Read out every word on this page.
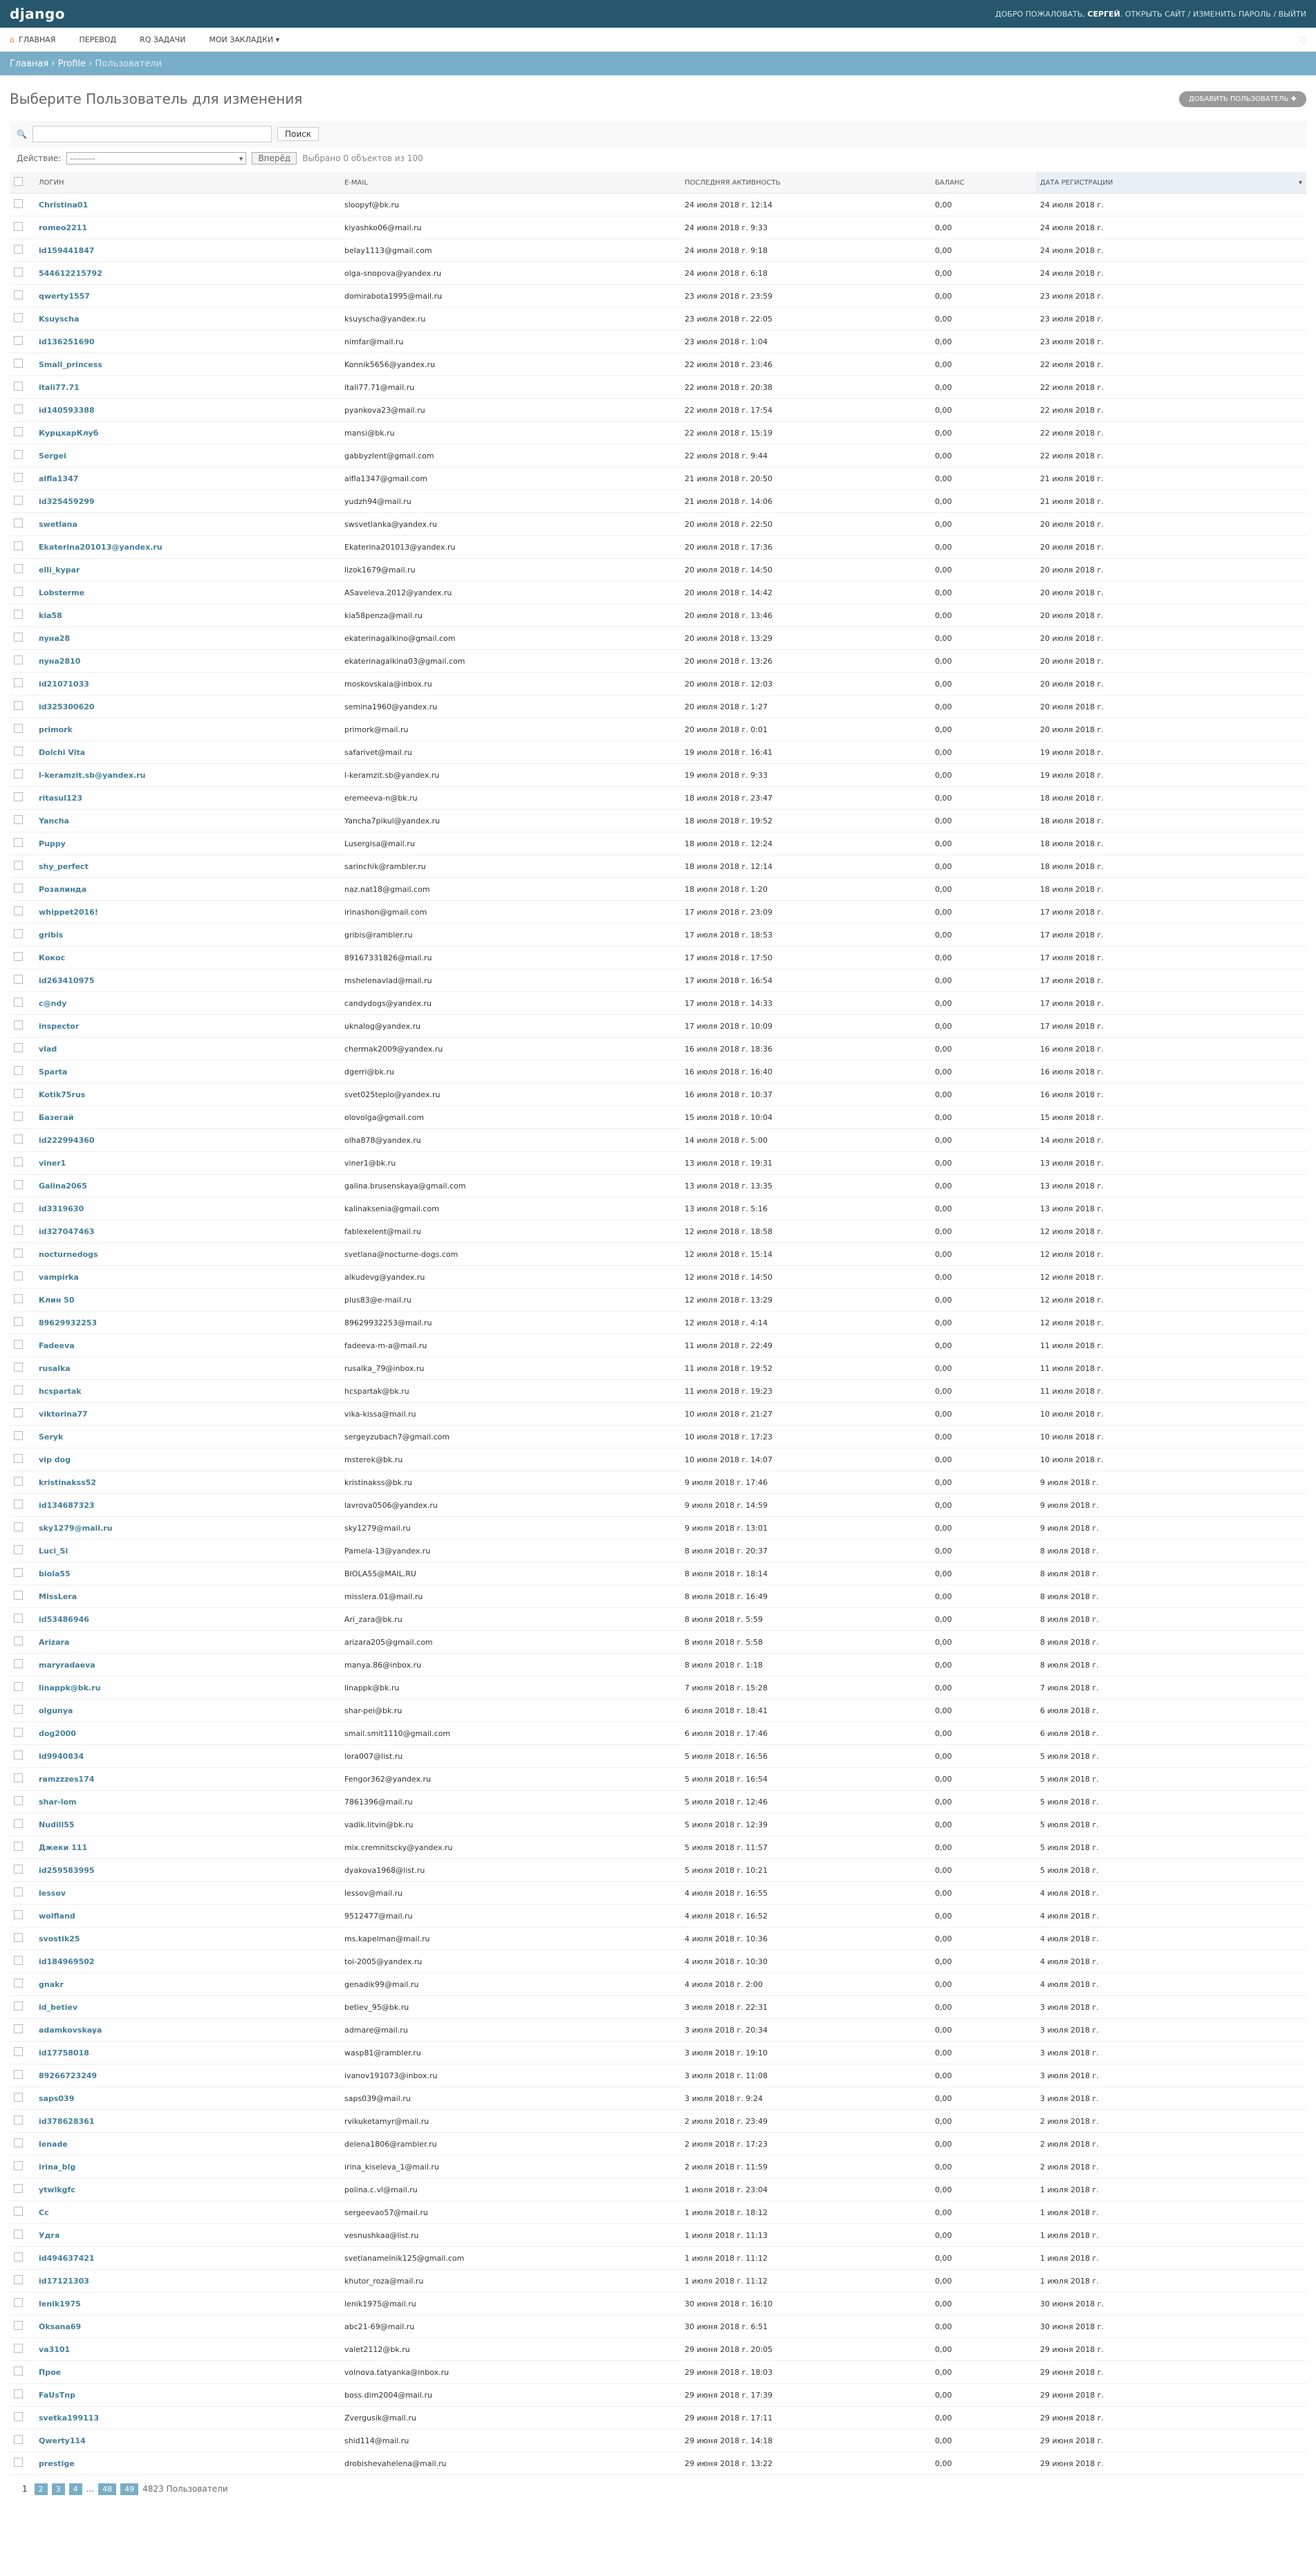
django	ДОБРО ПОЖАЛОВАТЬ, СЕРГЕЙ. ОТКРЫТЬ САЙТ / ИЗМЕНИТЬ ПАРОЛЬ / ВЫЙТИ
⌂ ГЛАВНАЯ	ПЕРЕВОД	RQ ЗАДАЧИ	МОИ ЗАКЛАДКИ ▾	◌
Главная › Profile › Пользователи
Выберите Пользователь для изменения	ДОБАВИТЬ ПОЛЬЗОВАТЕЛЬ ✚
🔍	Поиск
Действие: ---------	▾	Вперёд	Выбрано 0 объектов из 100
	ЛОГИН	E-MAIL	ПОСЛЕДНЯЯ АКТИВНОСТЬ	БАЛАНС	ДАТА РЕГИСТРАЦИИ ▾

	Christina01	sloopyf@bk.ru	24 июля 2018 г. 12:14	0,00	24 июля 2018 г.
	romeo2211	kiyashko06@mail.ru	24 июля 2018 г. 9:33	0,00	24 июля 2018 г.
	id159441847	belay1113@gmail.com	24 июля 2018 г. 9:18	0,00	24 июля 2018 г.
	544612215792	olga-snopova@yandex.ru	24 июля 2018 г. 6:18	0,00	24 июля 2018 г.
	qwerty1557	domirabota1995@mail.ru	23 июля 2018 г. 23:59	0,00	23 июля 2018 г.
	Ksuyscha	ksuyscha@yandex.ru	23 июля 2018 г. 22:05	0,00	23 июля 2018 г.
	id136251690	nimfar@mail.ru	23 июля 2018 г. 1:04	0,00	23 июля 2018 г.
	Small_princess	Konnik5656@yandex.ru	22 июля 2018 г. 23:46	0,00	22 июля 2018 г.
	itali77.71	itali77.71@mail.ru	22 июля 2018 г. 20:38	0,00	22 июля 2018 г.
	id140593388	pyankova23@mail.ru	22 июля 2018 г. 17:54	0,00	22 июля 2018 г.
	КурцхарКлуб	mansi@bk.ru	22 июля 2018 г. 15:19	0,00	22 июля 2018 г.
	Sergei	gabbyzlent@gmail.com	22 июля 2018 г. 9:44	0,00	22 июля 2018 г.
	alfla1347	alfla1347@gmail.com	21 июля 2018 г. 20:50	0,00	21 июля 2018 г.
	id325459299	yudzh94@mail.ru	21 июля 2018 г. 14:06	0,00	21 июля 2018 г.
	swetlana	swsvetlanka@yandex.ru	20 июля 2018 г. 22:50	0,00	20 июля 2018 г.
	Ekaterina201013@yandex.ru	Ekaterina201013@yandex.ru	20 июля 2018 г. 17:36	0,00	20 июля 2018 г.
	elli_kypar	lizok1679@mail.ru	20 июля 2018 г. 14:50	0,00	20 июля 2018 г.
	Lobsterme	ASaveleva.2012@yandex.ru	20 июля 2018 г. 14:42	0,00	20 июля 2018 г.
	kia58	kia58penza@mail.ru	20 июля 2018 г. 13:46	0,00	20 июля 2018 г.
	пуна28	ekaterinagalkino@gmail.com	20 июля 2018 г. 13:29	0,00	20 июля 2018 г.
	пуна2810	ekaterinagalkina03@gmail.com	20 июля 2018 г. 13:26	0,00	20 июля 2018 г.
	id21071033	moskovskaia@inbox.ru	20 июля 2018 г. 12:03	0,00	20 июля 2018 г.
	id325300620	semina1960@yandex.ru	20 июля 2018 г. 1:27	0,00	20 июля 2018 г.
	primork	primork@mail.ru	20 июля 2018 г. 0:01	0,00	20 июля 2018 г.
	Dolchi Vita	safarivet@mail.ru	19 июля 2018 г. 16:41	0,00	19 июля 2018 г.
	l-keramzit.sb@yandex.ru	l-keramzit.sb@yandex.ru	19 июля 2018 г. 9:33	0,00	19 июля 2018 г.
	ritasul123	eremeeva-n@bk.ru	18 июля 2018 г. 23:47	0,00	18 июля 2018 г.
	Yancha	Yancha7pikul@yandex.ru	18 июля 2018 г. 19:52	0,00	18 июля 2018 г.
	Puppy	Lusergisa@mail.ru	18 июля 2018 г. 12:24	0,00	18 июля 2018 г.
	shy_perfect	sarinchik@rambler.ru	18 июля 2018 г. 12:14	0,00	18 июля 2018 г.
	Розалинда	naz.nat18@gmail.com	18 июля 2018 г. 1:20	0,00	18 июля 2018 г.
	whippet2016!	irinashon@gmail.com	17 июля 2018 г. 23:09	0,00	17 июля 2018 г.
	gribis	gribis@rambler.ru	17 июля 2018 г. 18:53	0,00	17 июля 2018 г.
	Кокос	89167331826@mail.ru	17 июля 2018 г. 17:50	0,00	17 июля 2018 г.
	id263410975	mshelenavlad@mail.ru	17 июля 2018 г. 16:54	0,00	17 июля 2018 г.
	c@ndy	candydogs@yandex.ru	17 июля 2018 г. 14:33	0,00	17 июля 2018 г.
	inspector	uknalog@yandex.ru	17 июля 2018 г. 10:09	0,00	17 июля 2018 г.
	vlad	chermak2009@yandex.ru	16 июля 2018 г. 18:36	0,00	16 июля 2018 г.
	Sparta	dgerri@bk.ru	16 июля 2018 г. 16:40	0,00	16 июля 2018 г.
	Kotik75rus	svet025teplo@yandex.ru	16 июля 2018 г. 10:37	0,00	16 июля 2018 г.
	Базегай	olovolga@gmail.com	15 июля 2018 г. 10:04	0,00	15 июля 2018 г.
	id222994360	olha878@yandex.ru	14 июля 2018 г. 5:00	0,00	14 июля 2018 г.
	viner1	viner1@bk.ru	13 июля 2018 г. 19:31	0,00	13 июля 2018 г.
	Galina2065	galina.brusenskaya@gmail.com	13 июля 2018 г. 13:35	0,00	13 июля 2018 г.
	id3319630	kalinaksenia@gmail.com	13 июля 2018 г. 5:16	0,00	13 июля 2018 г.
	id327047463	fablexelent@mail.ru	12 июля 2018 г. 18:58	0,00	12 июля 2018 г.
	nocturnedogs	svetlana@nocturne-dogs.com	12 июля 2018 г. 15:14	0,00	12 июля 2018 г.
	vampirka	alkudevg@yandex.ru	12 июля 2018 г. 14:50	0,00	12 июля 2018 г.
	Клин 50	plus83@e-mail.ru	12 июля 2018 г. 13:29	0,00	12 июля 2018 г.
	89629932253	89629932253@mail.ru	12 июля 2018 г. 4:14	0,00	12 июля 2018 г.
	Fadeeva	fadeeva-m-a@mail.ru	11 июля 2018 г. 22:49	0,00	11 июля 2018 г.
	rusalka	rusalka_79@inbox.ru	11 июля 2018 г. 19:52	0,00	11 июля 2018 г.
	hcspartak	hcspartak@bk.ru	11 июля 2018 г. 19:23	0,00	11 июля 2018 г.
	viktorina77	vika-kissa@mail.ru	10 июля 2018 г. 21:27	0,00	10 июля 2018 г.
	Seryk	sergeyzubach7@gmail.com	10 июля 2018 г. 17:23	0,00	10 июля 2018 г.
	vip dog	msterek@bk.ru	10 июля 2018 г. 14:07	0,00	10 июля 2018 г.
	kristinakss52	kristinakss@bk.ru	9 июля 2018 г. 17:46	0,00	9 июля 2018 г.
	id134687323	lavrova0506@yandex.ru	9 июля 2018 г. 14:59	0,00	9 июля 2018 г.
	sky1279@mail.ru	sky1279@mail.ru	9 июля 2018 г. 13:01	0,00	9 июля 2018 г.
	Luci_Si	Pamela-13@yandex.ru	8 июля 2018 г. 20:37	0,00	8 июля 2018 г.
	biola55	BIOLA55@MAIL.RU	8 июля 2018 г. 18:14	0,00	8 июля 2018 г.
	MissLera	misslera.01@mail.ru	8 июля 2018 г. 16:49	0,00	8 июля 2018 г.
	id53486946	Ari_zara@bk.ru	8 июля 2018 г. 5:59	0,00	8 июля 2018 г.
	Arizara	arizara205@gmail.com	8 июля 2018 г. 5:58	0,00	8 июля 2018 г.
	maryradaeva	manya.86@inbox.ru	8 июля 2018 г. 1:18	0,00	8 июля 2018 г.
	linappk@bk.ru	linappk@bk.ru	7 июля 2018 г. 15:28	0,00	7 июля 2018 г.
	olgunya	shar-pei@bk.ru	6 июля 2018 г. 18:41	0,00	6 июля 2018 г.
	dog2000	smail.smit1110@gmail.com	6 июля 2018 г. 17:46	0,00	6 июля 2018 г.
	id9940834	lora007@list.ru	5 июля 2018 г. 16:56	0,00	5 июля 2018 г.
	ramzzzes174	Fengor362@yandex.ru	5 июля 2018 г. 16:54	0,00	5 июля 2018 г.
	shar-lom	7861396@mail.ru	5 июля 2018 г. 12:46	0,00	5 июля 2018 г.
	Nudill55	vadik.litvin@bk.ru	5 июля 2018 г. 12:39	0,00	5 июля 2018 г.
	Джеки 111	mix.cremnitscky@yandex.ru	5 июля 2018 г. 11:57	0,00	5 июля 2018 г.
	id259583995	dyakova1968@list.ru	5 июля 2018 г. 10:21	0,00	5 июля 2018 г.
	lessov	lessov@mail.ru	4 июля 2018 г. 16:55	0,00	4 июля 2018 г.
	wolfland	9512477@mail.ru	4 июля 2018 г. 16:52	0,00	4 июля 2018 г.
	svostik25	ms.kapelman@mail.ru	4 июля 2018 г. 10:36	0,00	4 июля 2018 г.
	id184969502	toi-2005@yandex.ru	4 июля 2018 г. 10:30	0,00	4 июля 2018 г.
	gnakr	genadik99@mail.ru	4 июля 2018 г. 2:00	0,00	4 июля 2018 г.
	id_betiev	betiev_95@bk.ru	3 июля 2018 г. 22:31	0,00	3 июля 2018 г.
	adamkovskaya	admare@mail.ru	3 июля 2018 г. 20:34	0,00	3 июля 2018 г.
	id17758018	wasp81@rambler.ru	3 июля 2018 г. 19:10	0,00	3 июля 2018 г.
	89266723249	ivanov191073@inbox.ru	3 июля 2018 г. 11:08	0,00	3 июля 2018 г.
	saps039	saps039@mail.ru	3 июля 2018 г. 9:24	0,00	3 июля 2018 г.
	id378628361	rvikuketamyr@mail.ru	2 июля 2018 г. 23:49	0,00	2 июля 2018 г.
	lenade	delena1806@rambler.ru	2 июля 2018 г. 17:23	0,00	2 июля 2018 г.
	irina_blg	irina_kiseleva_1@mail.ru	2 июля 2018 г. 11:59	0,00	2 июля 2018 г.
	ytwlkgfc	polina.c.vl@mail.ru	1 июля 2018 г. 23:04	0,00	1 июля 2018 г.
	Cc	sergeevao57@mail.ru	1 июля 2018 г. 18:12	0,00	1 июля 2018 г.
	Удгя	vesnushkaa@list.ru	1 июля 2018 г. 11:13	0,00	1 июля 2018 г.
	id494637421	svetlanamelnik125@gmail.com	1 июля 2018 г. 11:12	0,00	1 июля 2018 г.
	id17121303	khutor_roza@mail.ru	1 июля 2018 г. 11:12	0,00	1 июля 2018 г.
	lenik1975	lenik1975@mail.ru	30 июня 2018 г. 16:10	0,00	30 июня 2018 г.
	Oksana69	abc21-69@mail.ru	30 июня 2018 г. 6:51	0,00	30 июня 2018 г.
	va3101	valet2112@bk.ru	29 июня 2018 г. 20:05	0,00	29 июня 2018 г.
	Прое	volnova.tatyanka@inbox.ru	29 июня 2018 г. 18:03	0,00	29 июня 2018 г.
	FaUsTnp	boss.dim2004@mail.ru	29 июня 2018 г. 17:39	0,00	29 июня 2018 г.
	svetka199113	Zvergusik@mail.ru	29 июня 2018 г. 17:11	0,00	29 июня 2018 г.
	Qwerty114	shid114@mail.ru	29 июня 2018 г. 14:18	0,00	29 июня 2018 г.
	prestige	drobishevahelena@mail.ru	29 июня 2018 г. 13:22	0,00	29 июня 2018 г.
1	2	3	4	...	48	49	4823 Пользователи
